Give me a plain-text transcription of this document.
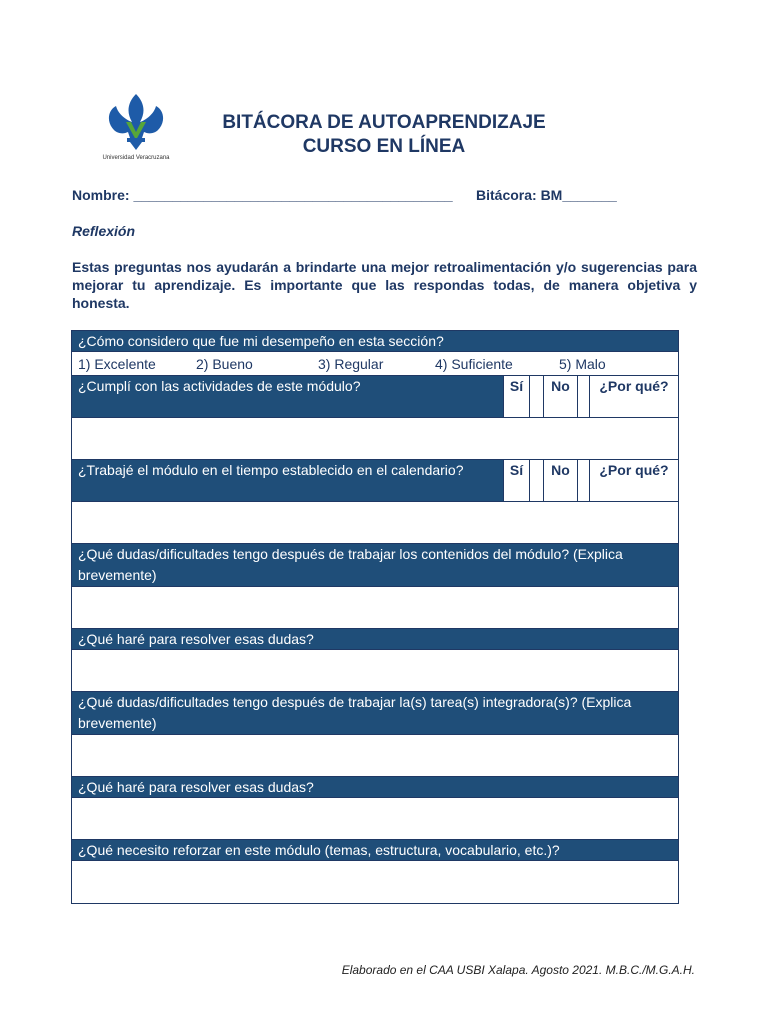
Universidad Veracruzana
BITÁCORA DE AUTOAPRENDIZAJE
CURSO EN LÍNEA
Nombre: _________________________________________ Bitácora: BM_______
Reflexión
Estas preguntas nos ayudarán a brindarte una mejor retroalimentación y/o sugerencias para mejorar tu aprendizaje. Es importante que las respondas todas, de manera objetiva y honesta.
¿Cómo considero que fue mi desempeño en esta sección?
1) Excelente	2) Bueno	3) Regular	4) Suficiente	5) Malo
¿Cumplí con las actividades de este módulo?	Sí	No	¿Por qué?
¿Trabajé el módulo en el tiempo establecido en el calendario?	Sí	No	¿Por qué?
¿Qué dudas/dificultades tengo después de trabajar los contenidos del módulo? (Explica brevemente)
¿Qué haré para resolver esas dudas?
¿Qué dudas/dificultades tengo después de trabajar la(s) tarea(s) integradora(s)? (Explica brevemente)
¿Qué haré para resolver esas dudas?
¿Qué necesito reforzar en este módulo (temas, estructura, vocabulario, etc.)?
Elaborado en el CAA USBI Xalapa. Agosto 2021. M.B.C./M.G.A.H.
